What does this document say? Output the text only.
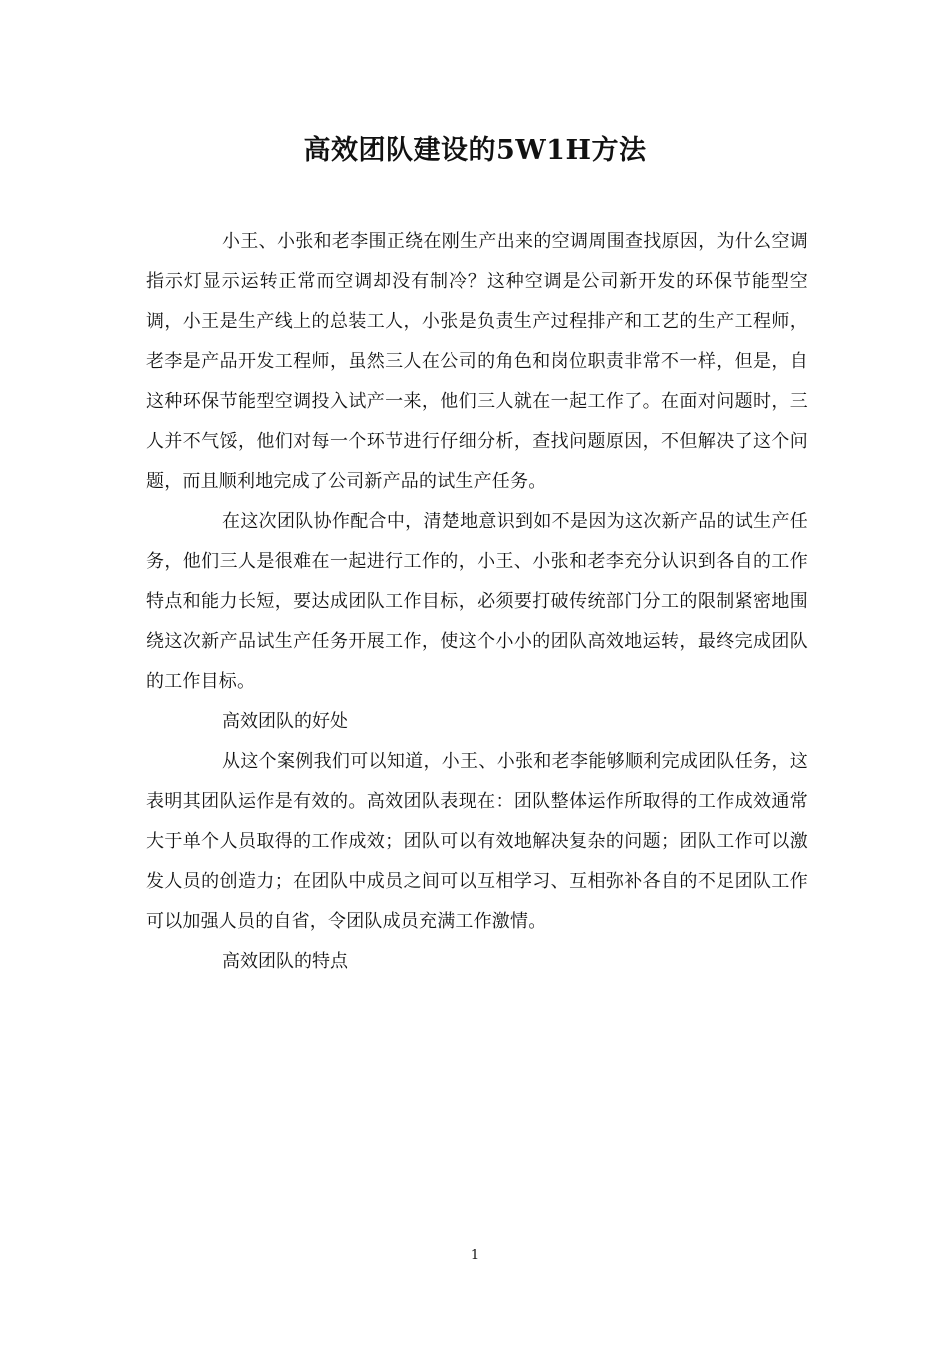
高效团队建设的5W1H方法

小王、小张和老李围正绕在刚生产出来的空调周围查找原因，为什么空调指示灯显示运转正常而空调却没有制冷？这种空调是公司新开发的环保节能型空调，小王是生产线上的总装工人，小张是负责生产过程排产和工艺的生产工程师，老李是产品开发工程师，虽然三人在公司的角色和岗位职责非常不一样，但是，自这种环保节能型空调投入试产一来，他们三人就在一起工作了。在面对问题时，三人并不气馁，他们对每一个环节进行仔细分析，查找问题原因，不但解决了这个问题，而且顺利地完成了公司新产品的试生产任务。

在这次团队协作配合中，清楚地意识到如不是因为这次新产品的试生产任务，他们三人是很难在一起进行工作的，小王、小张和老李充分认识到各自的工作特点和能力长短，要达成团队工作目标，必须要打破传统部门分工的限制紧密地围绕这次新产品试生产任务开展工作，使这个小小的团队高效地运转，最终完成团队的工作目标。

高效团队的好处

从这个案例我们可以知道，小王、小张和老李能够顺利完成团队任务，这表明其团队运作是有效的。高效团队表现在：团队整体运作所取得的工作成效通常大于单个人员取得的工作成效；团队可以有效地解决复杂的问题；团队工作可以激发人员的创造力；在团队中成员之间可以互相学习、互相弥补各自的不足团队工作可以加强人员的自省，令团队成员充满工作激情。

高效团队的特点

1
